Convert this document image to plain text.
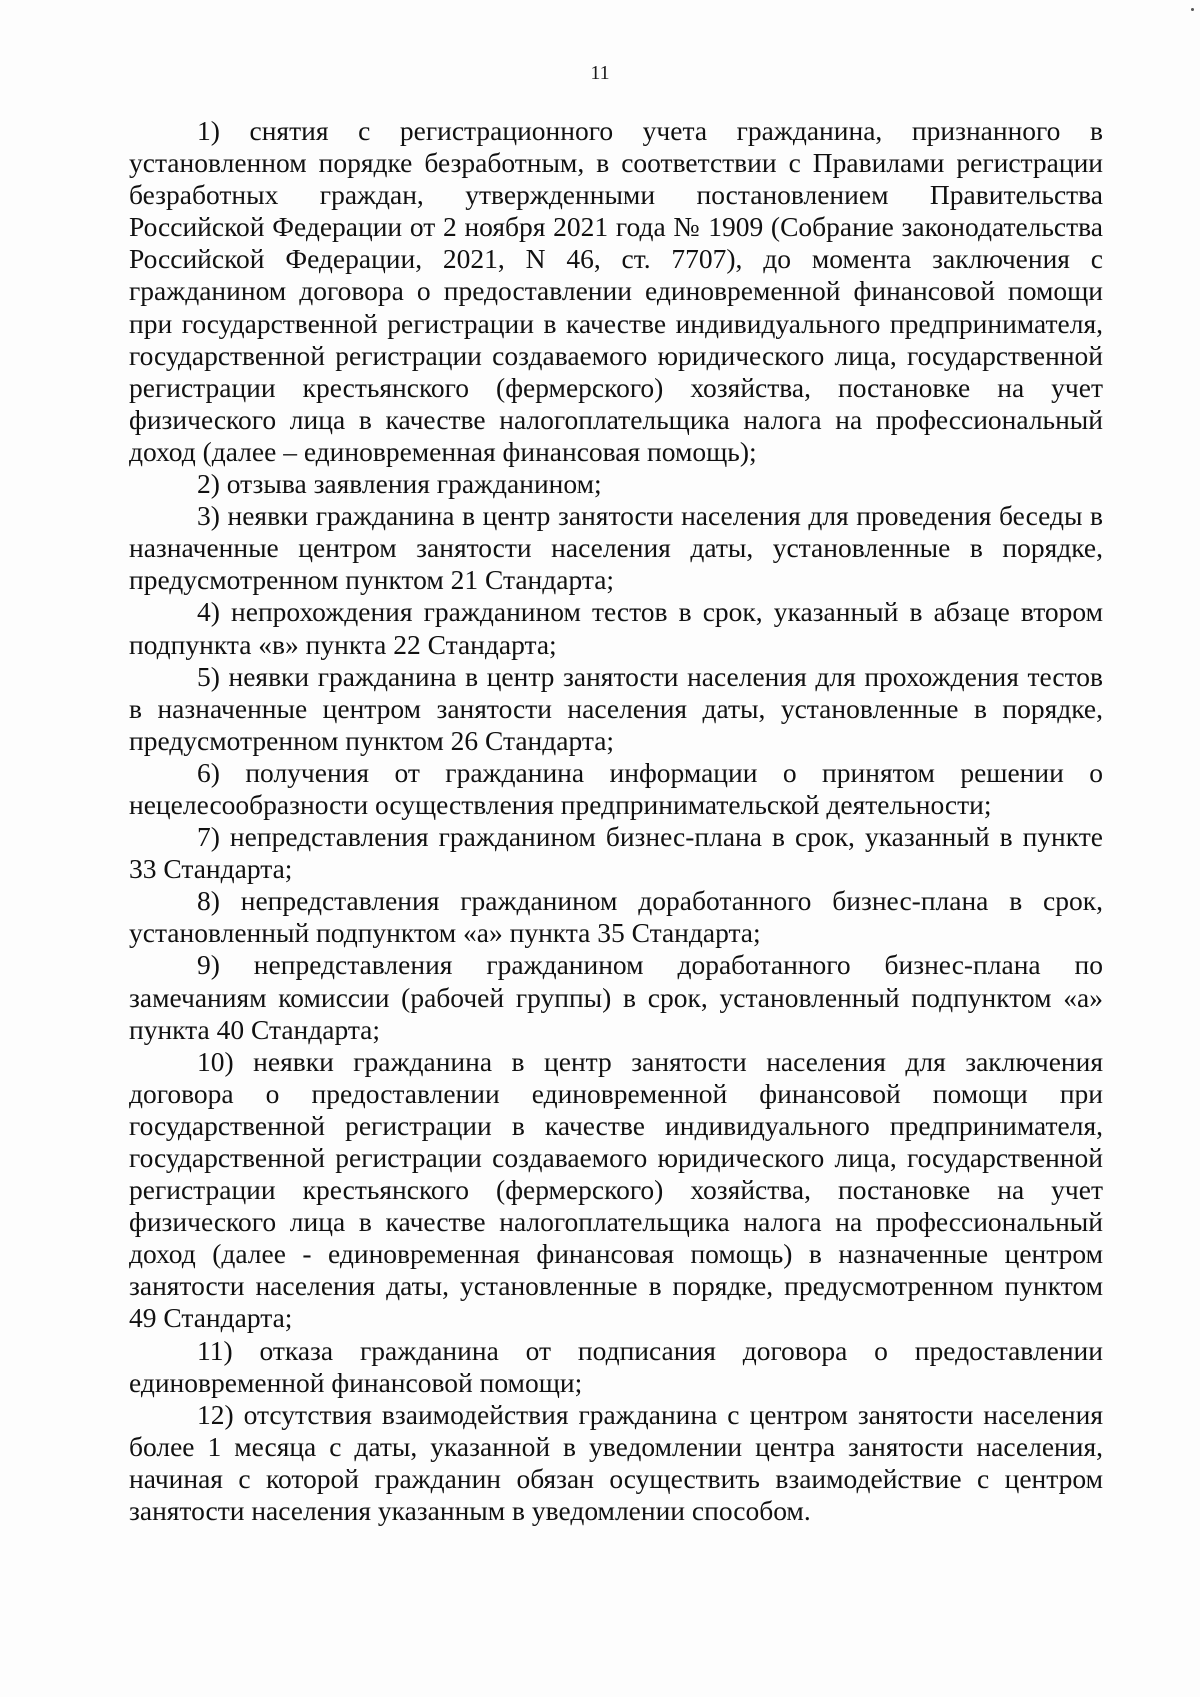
11

1) снятия с регистрационного учета гражданина, признанного в установленном порядке безработным, в соответствии с Правилами регистрации безработных граждан, утвержденными постановлением Правительства Российской Федерации от 2 ноября 2021 года № 1909 (Собрание законодательства Российской Федерации, 2021, N 46, ст. 7707), до момента заключения с гражданином договора о предоставлении единовременной финансовой помощи при государственной регистрации в качестве индивидуального предпринимателя, государственной регистрации создаваемого юридического лица, государственной регистрации крестьянского (фермерского) хозяйства, постановке на учет физического лица в качестве налогоплательщика налога на профессиональный доход (далее – единовременная финансовая помощь);

2) отзыва заявления гражданином;

3) неявки гражданина в центр занятости населения для проведения беседы в назначенные центром занятости населения даты, установленные в порядке, предусмотренном пунктом 21 Стандарта;

4) непрохождения гражданином тестов в срок, указанный в абзаце втором подпункта «в» пункта 22 Стандарта;

5) неявки гражданина в центр занятости населения для прохождения тестов в назначенные центром занятости населения даты, установленные в порядке, предусмотренном пунктом 26 Стандарта;

6) получения от гражданина информации о принятом решении о нецелесообразности осуществления предпринимательской деятельности;

7) непредставления гражданином бизнес-плана в срок, указанный в пункте 33 Стандарта;

8) непредставления гражданином доработанного бизнес-плана в срок, установленный подпунктом «а» пункта 35 Стандарта;

9) непредставления гражданином доработанного бизнес-плана по замечаниям комиссии (рабочей группы) в срок, установленный подпунктом «а» пункта 40 Стандарта;

10) неявки гражданина в центр занятости населения для заключения договора о предоставлении единовременной финансовой помощи при государственной регистрации в качестве индивидуального предпринимателя, государственной регистрации создаваемого юридического лица, государственной регистрации крестьянского (фермерского) хозяйства, постановке на учет физического лица в качестве налогоплательщика налога на профессиональный доход (далее - единовременная финансовая помощь) в назначенные центром занятости населения даты, установленные в порядке, предусмотренном пунктом 49 Стандарта;

11) отказа гражданина от подписания договора о предоставлении единовременной финансовой помощи;

12) отсутствия взаимодействия гражданина с центром занятости населения более 1 месяца с даты, указанной в уведомлении центра занятости населения, начиная с которой гражданин обязан осуществить взаимодействие с центром занятости населения указанным в уведомлении способом.
